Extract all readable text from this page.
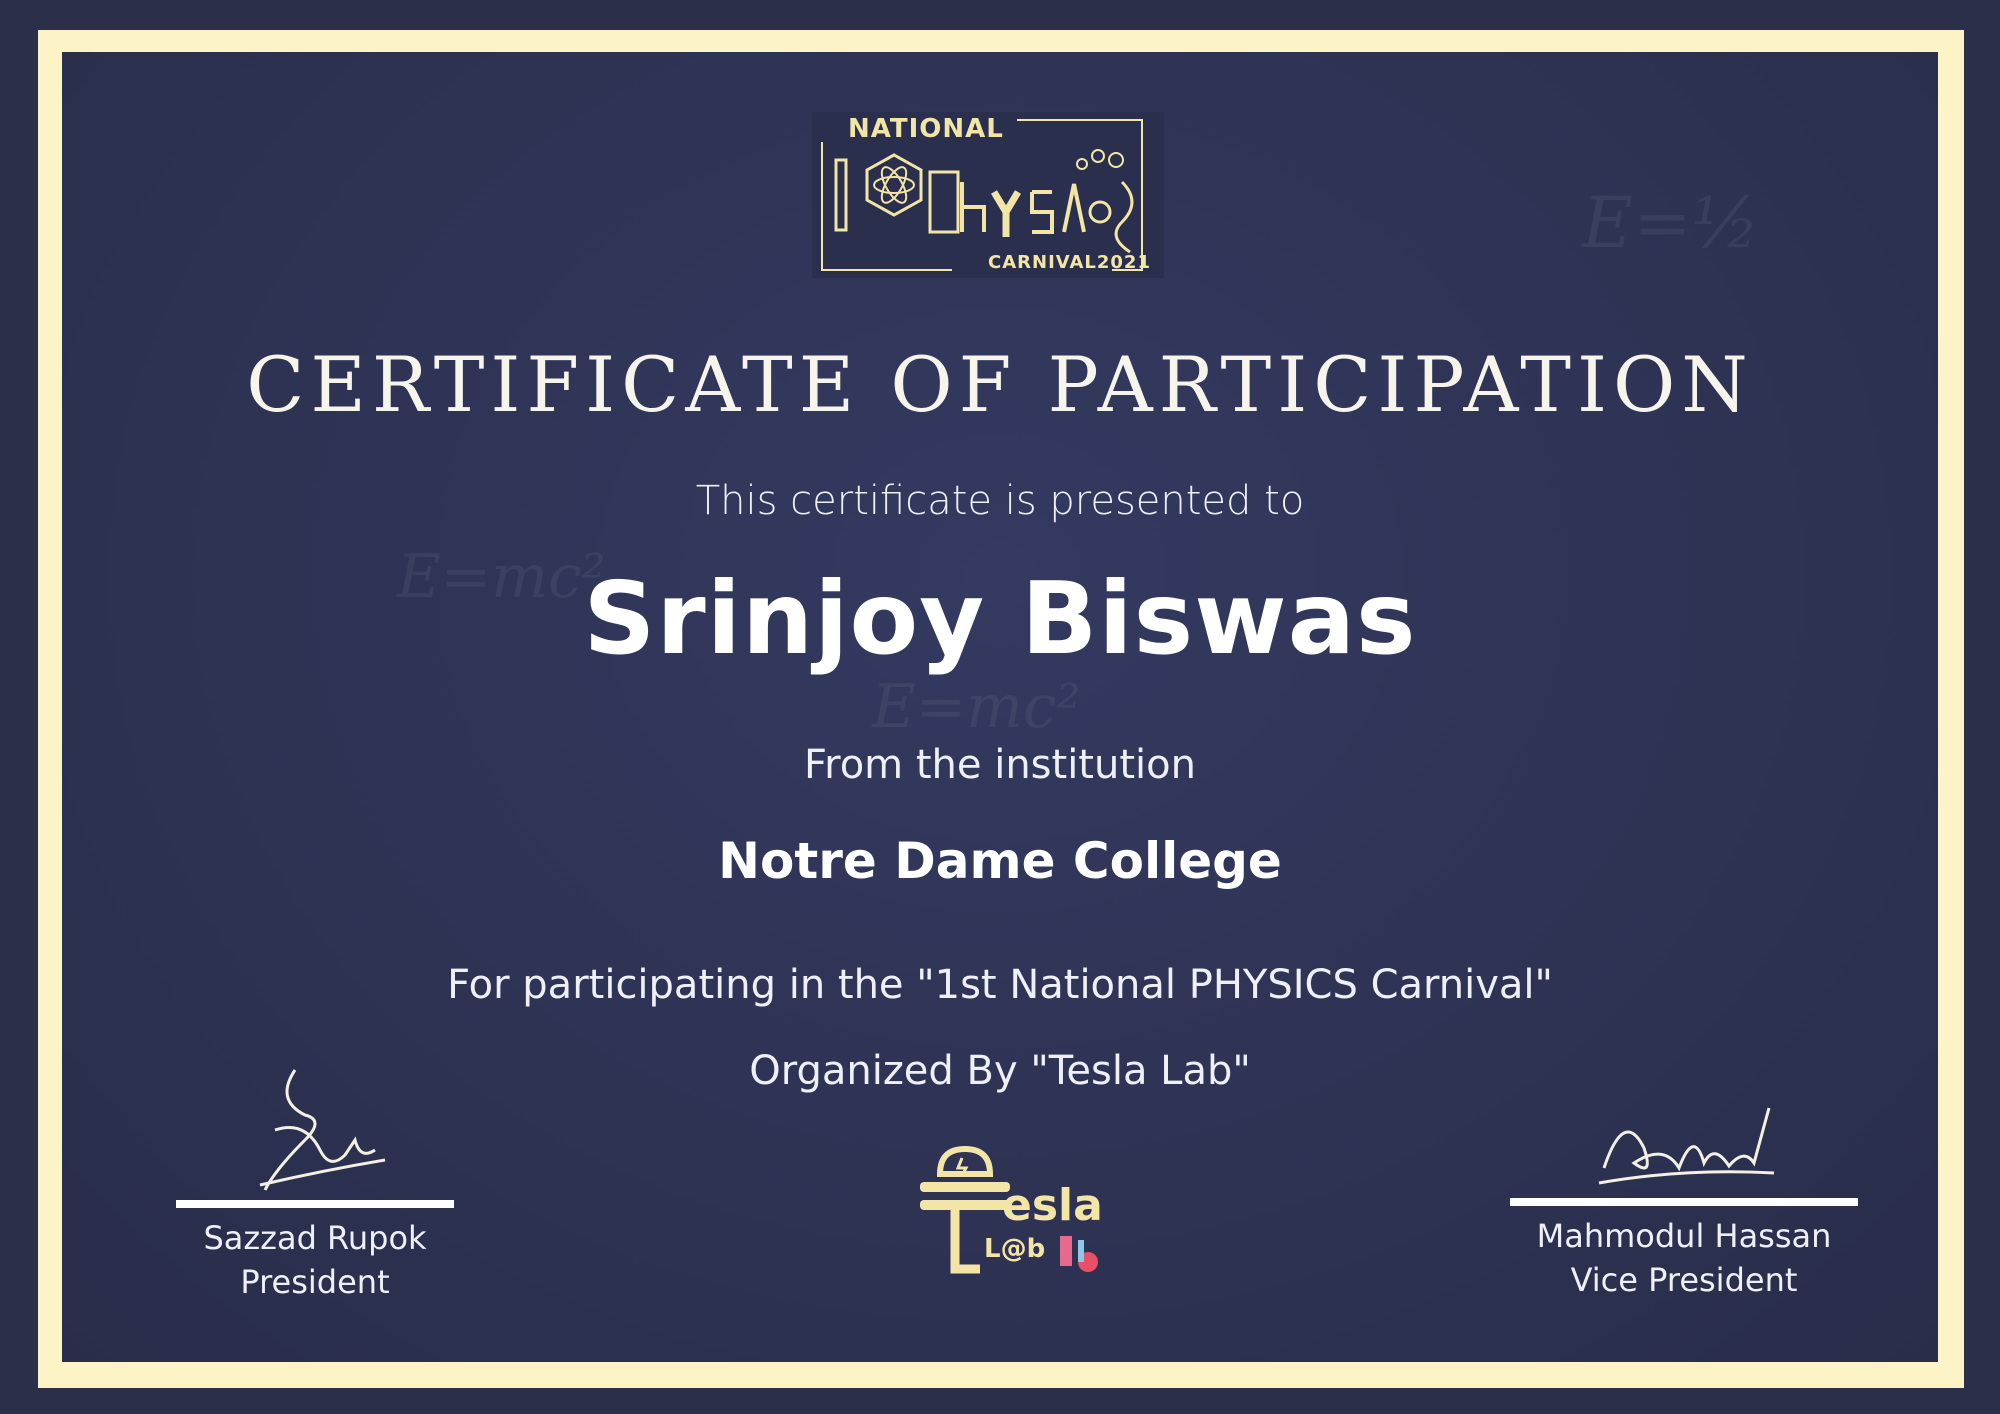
E=mc²
E=mc²
E=½
NATIONAL
CARNIVAL2021
CERTIFICATE OF PARTICIPATION
This certificate is presented to
Srinjoy Biswas
From the institution
Notre Dame College
For participating in the "1st National PHYSICS Carnival"
Organized By "Tesla Lab"
Sazzad Rupok
President
Mahmodul Hassan
Vice President
esla
L@b
